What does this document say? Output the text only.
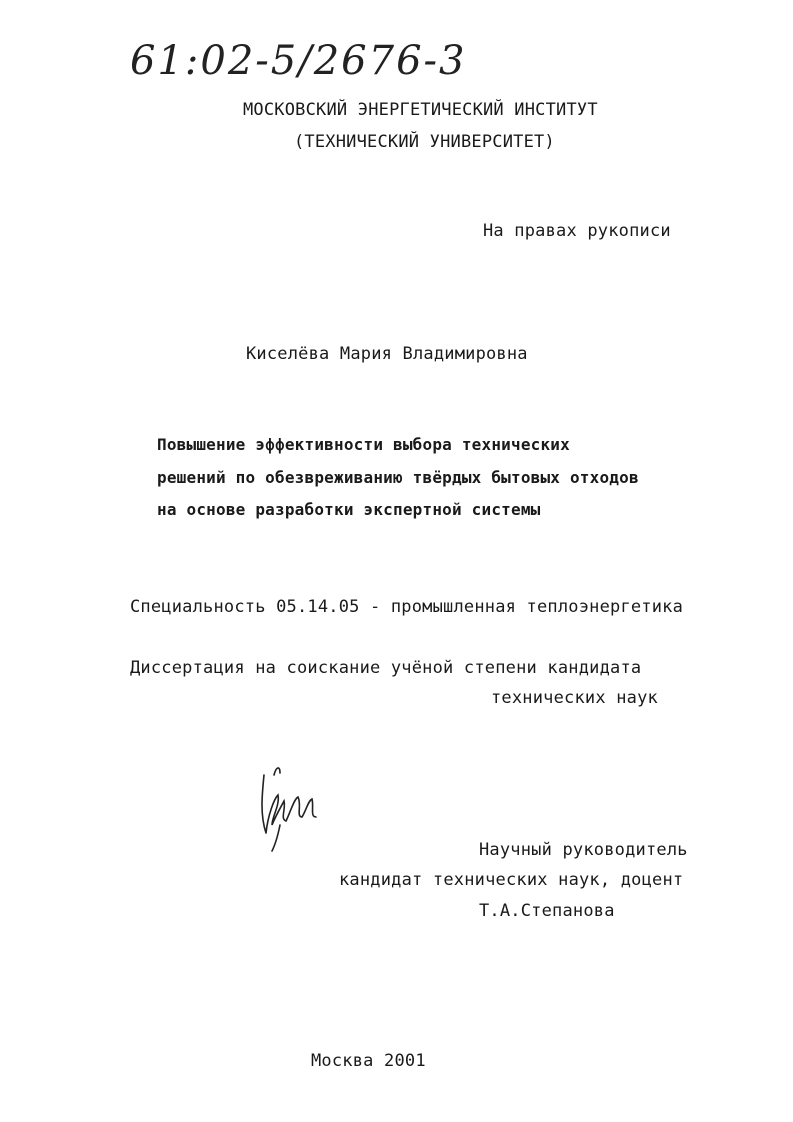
61:02-5/2676-3
МОСКОВСКИЙ ЭНЕРГЕТИЧЕСКИЙ ИНСТИТУТ
(ТЕХНИЧЕСКИЙ УНИВЕРСИТЕТ)
На правах рукописи
Киселёва Мария Владимировна
Повышение эффективности выбора технических
решений по обезвреживанию твёрдых бытовых отходов
на основе разработки экспертной системы
Специальность 05.14.05 - промышленная теплоэнергетика
Диссертация на соискание учёной степени кандидата
технических наук
Научный руководитель
кандидат технических наук, доцент
Т.А.Степанова
Москва 2001
